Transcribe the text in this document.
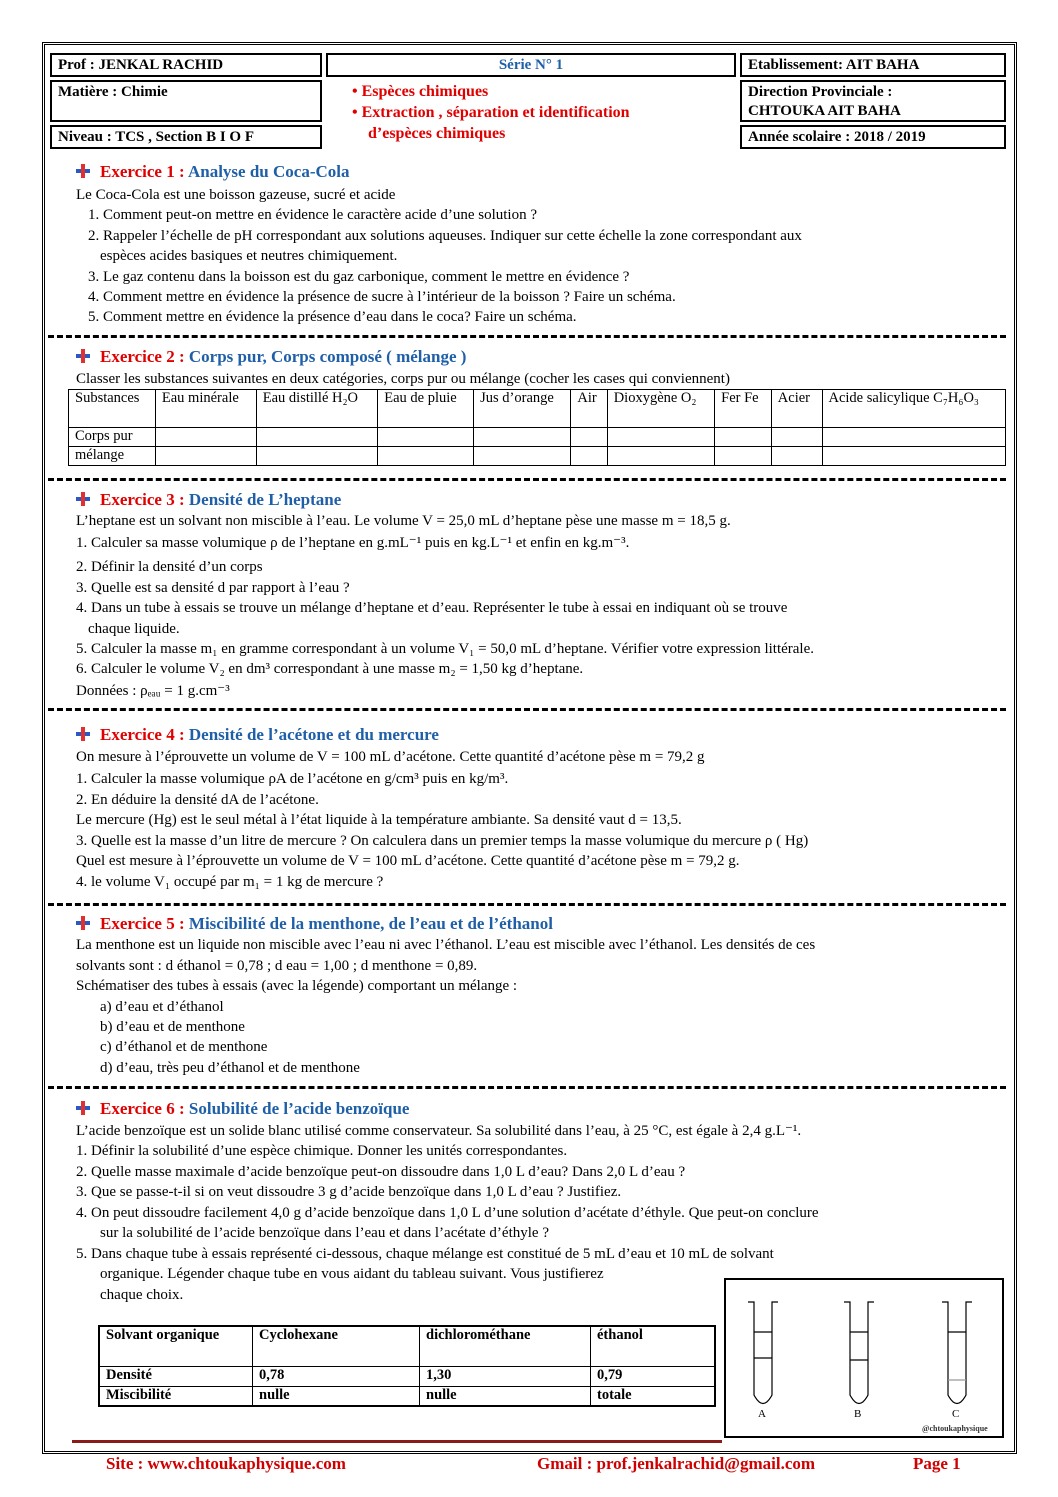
Prof : JENKAL RACHID
Matière : Chimie
Niveau : TCS , Section B I O F
Série N° 1
• Espèces chimiques
• Extraction , séparation et identification
d’espèces chimiques
Etablissement: AIT BAHA
Direction Provinciale :
CHTOUKA AIT BAHA
Année scolaire : 2018 / 2019
Exercice 1 : Analyse du Coca-Cola
Le Coca-Cola est une boisson gazeuse, sucré et acide
1. Comment peut-on mettre en évidence le caractère acide d’une solution ?
2. Rappeler l’échelle de pH correspondant aux solutions aqueuses. Indiquer sur cette échelle la zone correspondant aux
espèces acides basiques et neutres chimiquement.
3. Le gaz contenu dans la boisson est du gaz carbonique, comment le mettre en évidence ?
4. Comment mettre en évidence la présence de sucre à l’intérieur de la boisson ? Faire un schéma.
5. Comment mettre en évidence la présence d’eau dans le coca? Faire un schéma.
Exercice 2 : Corps pur, Corps composé ( mélange )
Classer les substances suivantes en deux catégories, corps pur ou mélange (cocher les cases qui conviennent)
Substances	Eau minérale	Eau distillé H₂O	Eau de pluie	Jus d’orange	Air	Dioxygène O₂	Fer Fe	Acier	Acide salicylique C₇H₆O₃
Corps pur									
mélange									
Exercice 3 : Densité de L’heptane
L’heptane est un solvant non miscible à l’eau. Le volume V = 25,0 mL d’heptane pèse une masse m = 18,5 g.
1. Calculer sa masse volumique ρ de l’heptane en g.mL⁻¹ puis en kg.L⁻¹ et enfin en kg.m⁻³.
2. Définir la densité d’un corps
3. Quelle est sa densité d par rapport à l’eau ?
4. Dans un tube à essais se trouve un mélange d’heptane et d’eau. Représenter le tube à essai en indiquant où se trouve
chaque liquide.
5. Calculer la masse m₁ en gramme correspondant à un volume V₁ = 50,0 mL d’heptane. Vérifier votre expression littérale.
6. Calculer le volume V₂ en dm³ correspondant à une masse m₂ = 1,50 kg d’heptane.
Données : ρₑₐᵤ = 1 g.cm⁻³
Exercice 4 : Densité de l’acétone et du mercure
On mesure à l’éprouvette un volume de V = 100 mL d’acétone. Cette quantité d’acétone pèse m = 79,2 g
1. Calculer la masse volumique ρA de l’acétone en g/cm³ puis en kg/m³.
2. En déduire la densité dA de l’acétone.
Le mercure (Hg) est le seul métal à l’état liquide à la température ambiante. Sa densité vaut d = 13,5.
3. Quelle est la masse d’un litre de mercure ? On calculera dans un premier temps la masse volumique du mercure ρ ( Hg)
Quel est mesure à l’éprouvette un volume de V = 100 mL d’acétone. Cette quantité d’acétone pèse m = 79,2 g.
4. le volume V₁ occupé par m₁ = 1 kg de mercure ?
Exercice 5 : Miscibilité de la menthone, de l’eau et de l’éthanol
La menthone est un liquide non miscible avec l’eau ni avec l’éthanol. L’eau est miscible avec l’éthanol. Les densités de ces
solvants sont : d éthanol = 0,78 ; d eau = 1,00 ; d menthone = 0,89.
Schématiser des tubes à essais (avec la légende) comportant un mélange :
a) d’eau et d’éthanol
b) d’eau et de menthone
c) d’éthanol et de menthone
d) d’eau, très peu d’éthanol et de menthone
Exercice 6 : Solubilité de l’acide benzoïque
L’acide benzoïque est un solide blanc utilisé comme conservateur. Sa solubilité dans l’eau, à 25 °C, est égale à 2,4 g.L⁻¹.
1. Définir la solubilité d’une espèce chimique. Donner les unités correspondantes.
2. Quelle masse maximale d’acide benzoïque peut-on dissoudre dans 1,0 L d’eau? Dans 2,0 L d’eau ?
3. Que se passe-t-il si on veut dissoudre 3 g d’acide benzoïque dans 1,0 L d’eau ? Justifiez.
4. On peut dissoudre facilement 4,0 g d’acide benzoïque dans 1,0 L d’une solution d’acétate d’éthyle. Que peut-on conclure
sur la solubilité de l’acide benzoïque dans l’eau et dans l’acétate d’éthyle ?
5. Dans chaque tube à essais représenté ci-dessous, chaque mélange est constitué de 5 mL d’eau et 10 mL de solvant
organique. Légender chaque tube en vous aidant du tableau suivant. Vous justifierez
chaque choix.
Solvant organique	Cyclohexane	dichlorométhane	éthanol
Densité	0,78	1,30	0,79
Miscibilité	nulle	nulle	totale
A	B	C
@chtoukaphysique
Site : www.chtoukaphysique.com	Gmail : prof.jenkalrachid@gmail.com	Page 1
